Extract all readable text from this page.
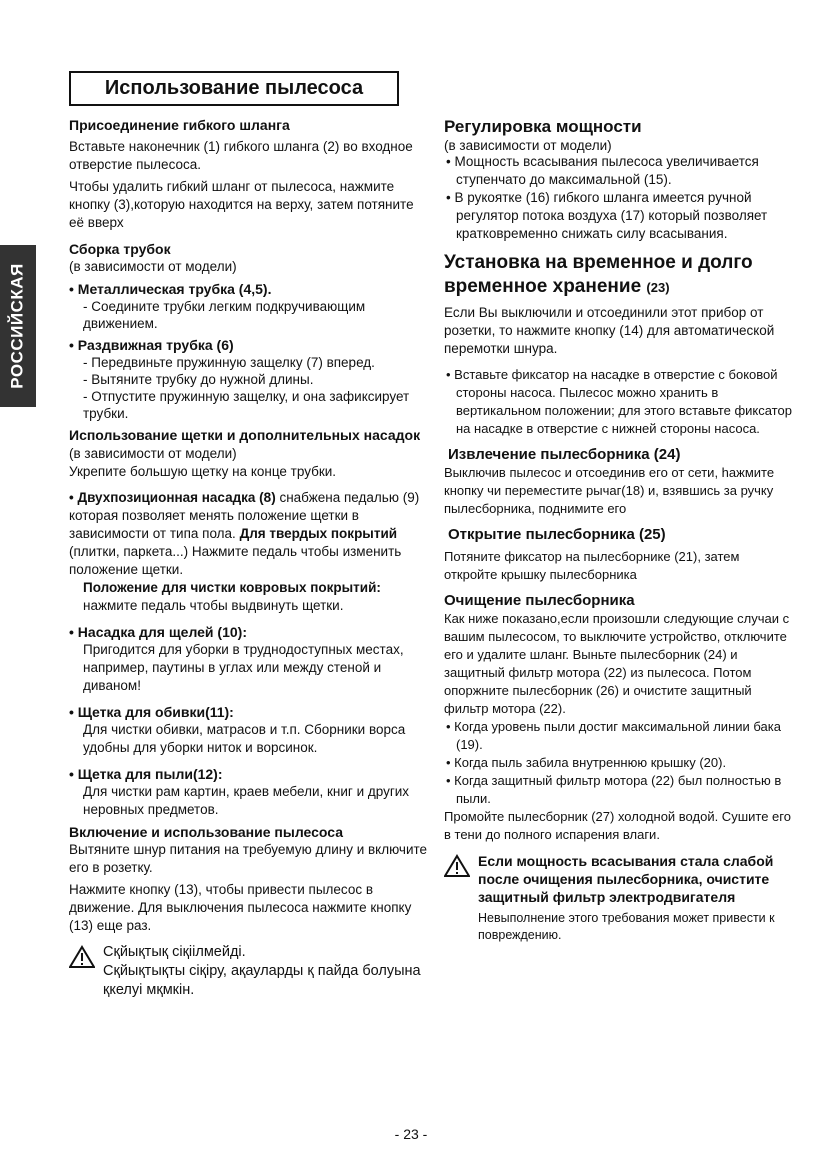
Использование пылесоса
РОССИЙСКАЯ

Присоединение гибкого шланга

Вставьте наконечник (1) гибкого шланга (2) во входное отверстие пылесоса.

Чтобы удалить гибкий шланг от пылесоса, нажмите кнопку (3),которую находится на верху, затем потяните её вверх

Сборка трубок

(в зависимости от модели)

• Металлическая трубка (4,5).

- Соедините трубки легким подкручивающим движением.

• Раздвижная трубка (6)

- Передвиньте пружинную защелку (7) вперед.

- Вытяните трубку до нужной длины.

- Отпустите пружинную защелку, и она зафиксирует трубки.

Использование щетки и дополнительных насадок (в зависимости от модели)

Укрепите большую щетку на конце трубки.

• Двухпозиционная насадка (8) снабжена педалью (9) которая позволяет менять положение щетки в зависимости от типа пола. Для твердых покрытий (плитки, паркета...) Нажмите педаль чтобы изменить положение щетки.

Положение для чистки ковровых покрытий: нажмите педаль чтобы выдвинуть щетки.

• Насадка для щелей (10):

Пригодится для уборки в труднодоступных местах, например, паутины в углах или между стеной и диваном!

• Щетка для обивки(11):

Для чистки обивки, матрасов и т.п. Сборники ворса удобны для уборки ниток и ворсинок.

• Щетка для пыли(12):

Для чистки рам картин, краев мебели, книг и других неровных предметов.

Включение и использование пылесоса

Вытяните шнур питания на требуемую длину и включите его в розетку.

Нажмите кнопку (13), чтобы привести пылесос в движение. Для выключения пылесоса нажмите кнопку (13) еще раз.

Сқйықтық сіқiілмейді.

Сқйықтықты сіқіру, ақауларды қ пайда болуына қкелуі мқмкін.

Регулировка мощности

(в зависимости от модели)

• Мощность всасывания пылесоса увеличивается ступенчато до максимальной (15).

• В рукоятке (16) гибкого шланга имеется ручной регулятор потока воздуха (17) который позволяет кратковременно снижать силу всасывания.

Установка на временное и долго временное хранение (23)

Если Вы выключили и отсоединили этот прибор от розетки, то нажмите кнопку (14) для автоматической перемотки шнура.

• Вставьте фиксатор на насадке в отверстие с боковой стороны насоса. Пылесос можно хранить в вертикальном положении; для этого вставьте фиксатор на насадке в отверстие с нижней стороны насоса.

Извлечение пылесборника (24)

Выключив пылесос и отсоединив его от сети, hажмите кнопку чи переместите рычаг(18) и, взявшись за ручку пылесборника, поднимите его

Открытие пылесборника (25)

Потяните фиксатор на пылесборнике (21), затем откройте крышку пылесборника

Очищение пылесборника

Как ниже показано,если произошли следующие случаи с вашим пылесосом, то выключите устройство, отключите его и удалите шланг. Выньте пылесборник (24) и защитный фильтр мотора (22) из пылесоса. Потом опоржните пылесборник (26) и очистите защитный фильтр мотора (22).

• Когда уровень пыли достиг максимальной линии бака (19).

• Когда пыль забила внутреннюю крышку (20).

• Когда защитный фильтр мотора (22) был полностью в пыли.

Промойте пылесборник (27) холодной водой. Сушите его в тени до полного испарения влаги.

Если мощность всасывания стала слабой после очищения пылесборника, очистите защитный фильтр электродвигателя

Невыполнение этого требования может привести к повреждению.

- 23 -
